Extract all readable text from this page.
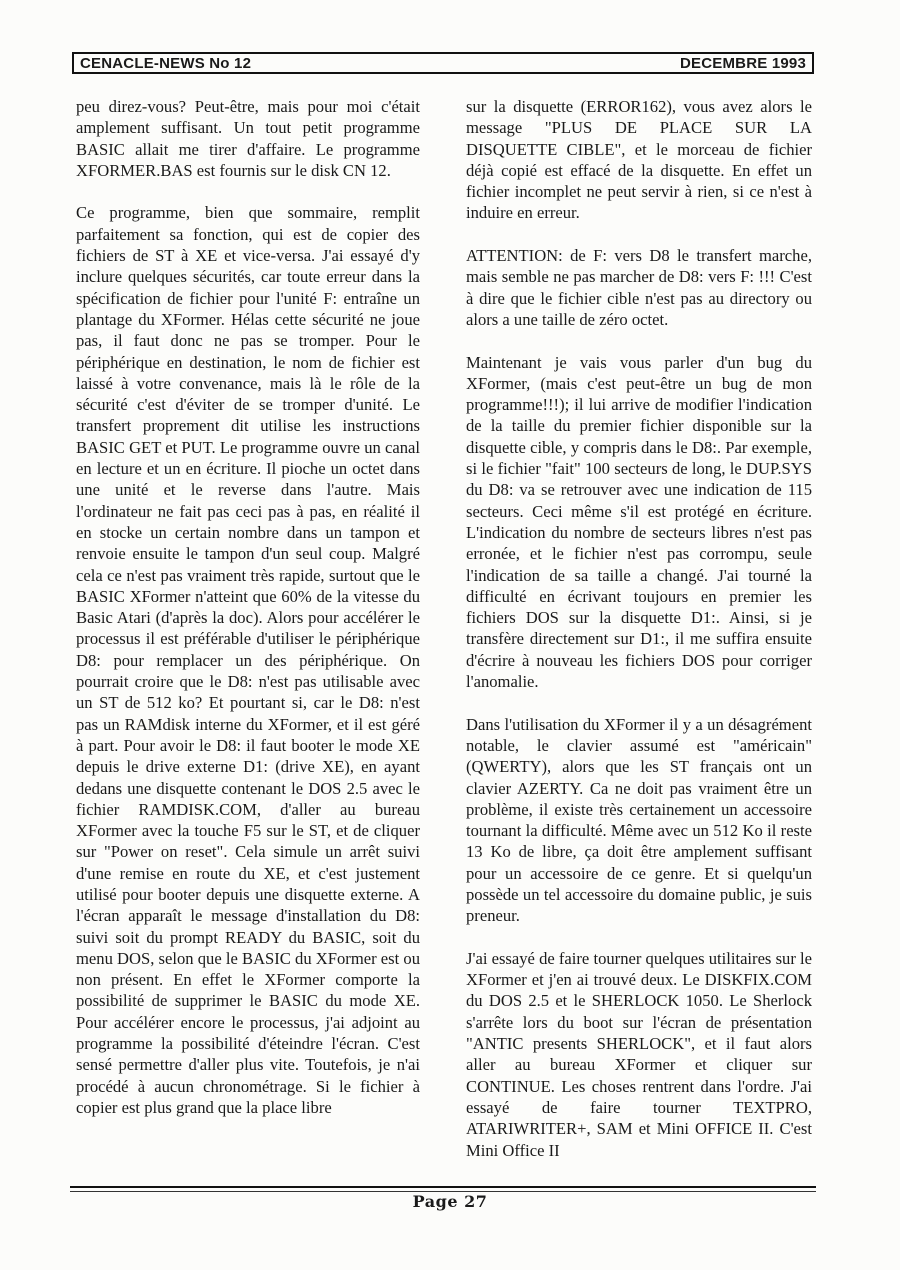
CENACLE-NEWS No 12	DECEMBRE 1993

peu direz-vous? Peut-être, mais pour moi c'était amplement suffisant. Un tout petit programme BASIC allait me tirer d'affaire. Le programme XFORMER.BAS est fournis sur le disk CN 12.

Ce programme, bien que sommaire, remplit parfaitement sa fonction, qui est de copier des fichiers de ST à XE et vice-versa. J'ai essayé d'y inclure quelques sécurités, car toute erreur dans la spécification de fichier pour l'unité F: entraîne un plantage du XFormer. Hélas cette sécurité ne joue pas, il faut donc ne pas se tromper. Pour le périphérique en destination, le nom de fichier est laissé à votre convenance, mais là le rôle de la sécurité c'est d'éviter de se tromper d'unité. Le transfert proprement dit utilise les instructions BASIC GET et PUT. Le programme ouvre un canal en lecture et un en écriture. Il pioche un octet dans une unité et le reverse dans l'autre. Mais l'ordinateur ne fait pas ceci pas à pas, en réalité il en stocke un certain nombre dans un tampon et renvoie ensuite le tampon d'un seul coup. Malgré cela ce n'est pas vraiment très rapide, surtout que le BASIC XFormer n'atteint que 60% de la vitesse du Basic Atari (d'après la doc). Alors pour accélérer le processus il est préférable d'utiliser le périphérique D8: pour remplacer un des périphérique. On pourrait croire que le D8: n'est pas utilisable avec un ST de 512 ko? Et pourtant si, car le D8: n'est pas un RAMdisk interne du XFormer, et il est géré à part. Pour avoir le D8: il faut booter le mode XE depuis le drive externe D1: (drive XE), en ayant dedans une disquette contenant le DOS 2.5 avec le fichier RAMDISK.COM, d'aller au bureau XFormer avec la touche F5 sur le ST, et de cliquer sur "Power on reset". Cela simule un arrêt suivi d'une remise en route du XE, et c'est justement utilisé pour booter depuis une disquette externe. A l'écran apparaît le message d'installation du D8: suivi soit du prompt READY du BASIC, soit du menu DOS, selon que le BASIC du XFormer est ou non présent. En effet le XFormer comporte la possibilité de supprimer le BASIC du mode XE. Pour accélérer encore le processus, j'ai adjoint au programme la possibilité d'éteindre l'écran. C'est sensé permettre d'aller plus vite. Toutefois, je n'ai procédé à aucun chronométrage. Si le fichier à copier est plus grand que la place libre

sur la disquette (ERROR162), vous avez alors le message "PLUS DE PLACE SUR LA DISQUETTE CIBLE", et le morceau de fichier déjà copié est effacé de la disquette. En effet un fichier incomplet ne peut servir à rien, si ce n'est à induire en erreur.

ATTENTION: de F: vers D8 le transfert marche, mais semble ne pas marcher de D8: vers F: !!! C'est à dire que le fichier cible n'est pas au directory ou alors a une taille de zéro octet.

Maintenant je vais vous parler d'un bug du XFormer, (mais c'est peut-être un bug de mon programme!!!); il lui arrive de modifier l'indication de la taille du premier fichier disponible sur la disquette cible, y compris dans le D8:. Par exemple, si le fichier "fait" 100 secteurs de long, le DUP.SYS du D8: va se retrouver avec une indication de 115 secteurs. Ceci même s'il est protégé en écriture. L'indication du nombre de secteurs libres n'est pas erronée, et le fichier n'est pas corrompu, seule l'indication de sa taille a changé. J'ai tourné la difficulté en écrivant toujours en premier les fichiers DOS sur la disquette D1:. Ainsi, si je transfère directement sur D1:, il me suffira ensuite d'écrire à nouveau les fichiers DOS pour corriger l'anomalie.

Dans l'utilisation du XFormer il y a un désagrément notable, le clavier assumé est "américain" (QWERTY), alors que les ST français ont un clavier AZERTY. Ca ne doit pas vraiment être un problème, il existe très certainement un accessoire tournant la difficulté. Même avec un 512 Ko il reste 13 Ko de libre, ça doit être amplement suffisant pour un accessoire de ce genre. Et si quelqu'un possède un tel accessoire du domaine public, je suis preneur.

J'ai essayé de faire tourner quelques utilitaires sur le XFormer et j'en ai trouvé deux. Le DISKFIX.COM du DOS 2.5 et le SHERLOCK 1050. Le Sherlock s'arrête lors du boot sur l'écran de présentation "ANTIC presents SHERLOCK", et il faut alors aller au bureau XFormer et cliquer sur CONTINUE. Les choses rentrent dans l'ordre. J'ai essayé de faire tourner TEXTPRO, ATARIWRITER+, SAM et Mini OFFICE II. C'est Mini Office II

Page 27
